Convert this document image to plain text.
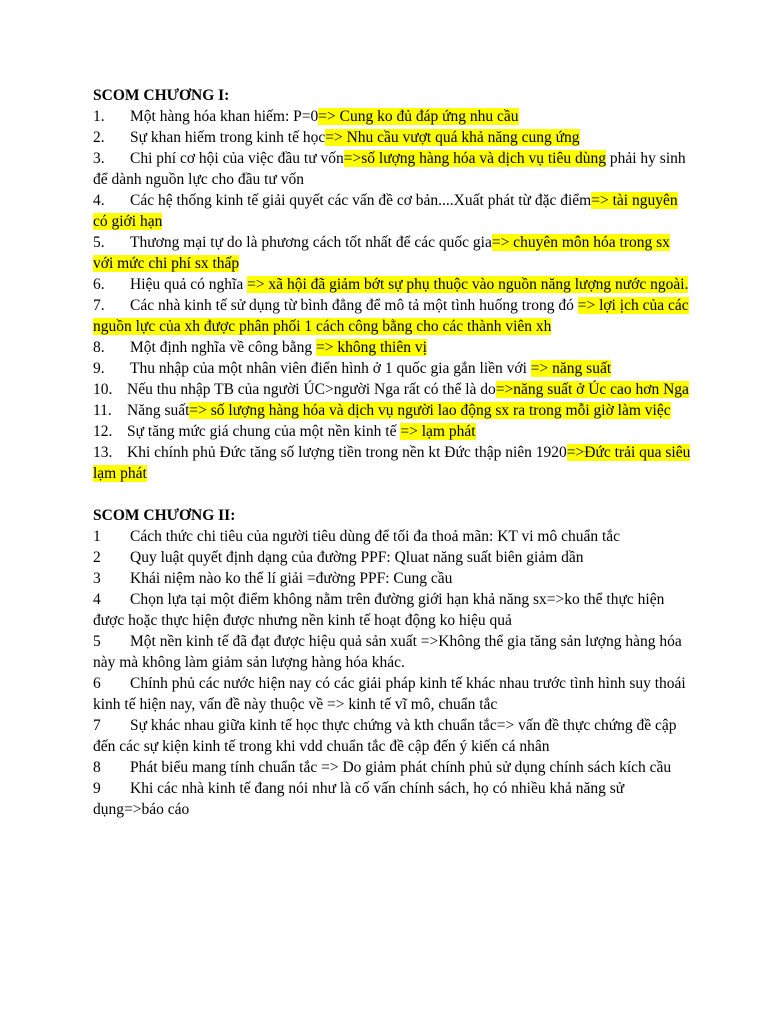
SCOM CHƯƠNG I:

1. Một hàng hóa khan hiếm: P=0=> Cung ko đủ đáp ứng nhu cầu

2. Sự khan hiếm trong kinh tế học=> Nhu cầu vượt quá khả năng cung ứng

3. Chi phí cơ hội của việc đầu tư vốn=>số lượng hàng hóa và dịch vụ tiêu dùng phải hy sinh để dành nguồn lực cho đầu tư vốn

4. Các hệ thống kinh tế giải quyết các vấn đề cơ bản....Xuất phát từ đặc điểm=> tài nguyên có giới hạn

5. Thương mại tự do là phương cách tốt nhất để các quốc gia=> chuyên môn hóa trong sx với mức chi phí sx thấp

6. Hiệu quả có nghĩa => xã hội đã giảm bớt sự phụ thuộc vào nguồn năng lượng nước ngoài.

7. Các nhà kinh tế sử dụng từ bình đẳng để mô tả một tình huống trong đó => lợi ịch của các nguồn lực của xh được phân phối 1 cách công bằng cho các thành viên xh

8. Một định nghĩa về công bằng => không thiên vị

9. Thu nhập của một nhân viên điển hình ở 1 quốc gia gắn liền với => năng suất

10. Nếu thu nhập TB của người ÚC>người Nga rất có thể là do=>năng suất ở Úc cao hơn Nga

11. Năng suất=> số lượng hàng hóa và dịch vụ người lao động sx ra trong mỗi giờ làm việc

12. Sự tăng mức giá chung của một nền kinh tế => lạm phát

13. Khi chính phủ Đức tăng số lượng tiền trong nền kt Đức thập niên 1920=>Đức trải qua siêu lạm phát

SCOM CHƯƠNG II:

1 Cách thức chi tiêu của người tiêu dùng để tối đa thoả mãn: KT vi mô chuẩn tắc

2 Quy luật quyết định dạng của đường PPF: Qluat năng suất biên giảm dần

3 Khái niệm nào ko thể lí giải =đường PPF: Cung cầu

4 Chọn lựa tại một điểm không nằm trên đường giới hạn khả năng sx=>ko thể thực hiện được hoặc thực hiện được nhưng nền kinh tế hoạt động ko hiệu quả

5 Một nền kinh tế đã đạt được hiệu quả sản xuất =>Không thể gia tăng sản lượng hàng hóa này mà không làm giảm sản lượng hàng hóa khác.

6 Chính phủ các nước hiện nay có các giải pháp kinh tế khác nhau trước tình hình suy thoái kinh tế hiện nay, vấn đề này thuộc về => kinh tế vĩ mô, chuẩn tắc

7 Sự khác nhau giữa kinh tế học thực chứng và kth chuẩn tắc=> vấn đề thực chứng đề cập đến các sự kiện kinh tế trong khi vdd chuẩn tắc đề cập đến ý kiến cá nhân

8 Phát biểu mang tính chuẩn tắc => Do giảm phát chính phủ sử dụng chính sách kích cầu

9 Khi các nhà kinh tế đang nói như là cố vấn chính sách, họ có nhiều khả năng sử dụng=>báo cáo
